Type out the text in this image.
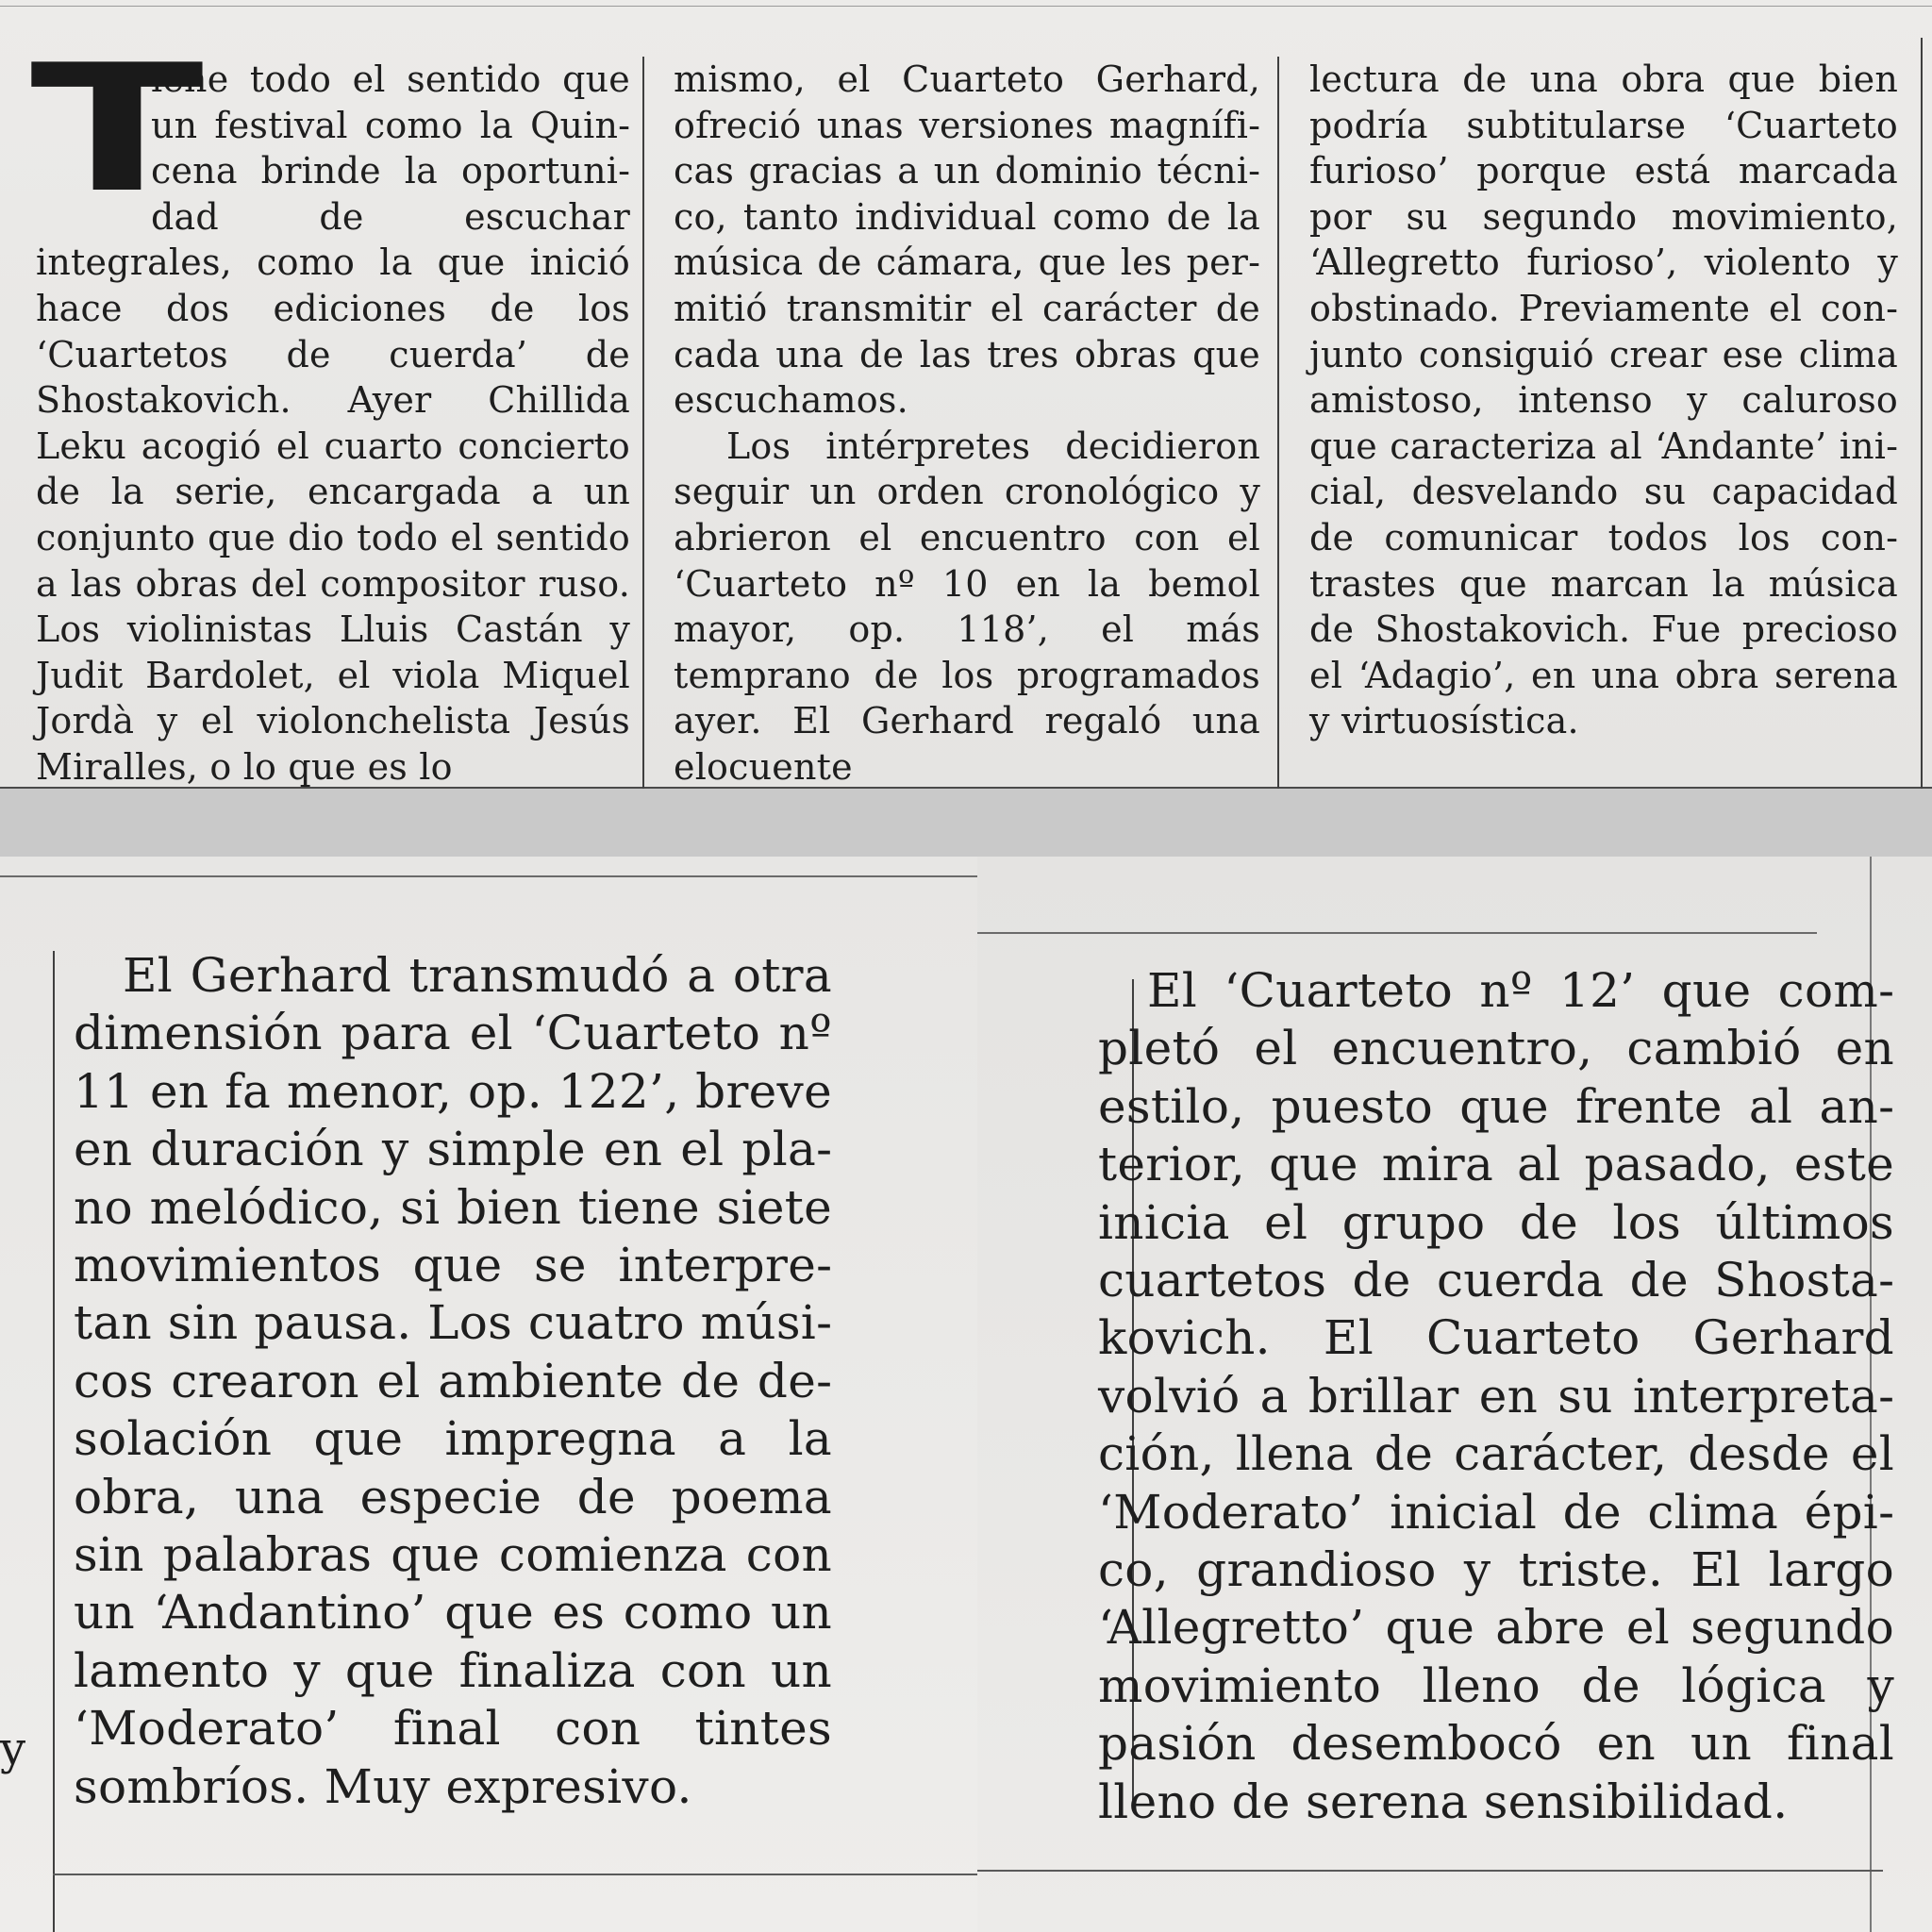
T
iene todo el sentido que un festival como la Quincena brinde la oportunidad de escuchar integrales, como la que inició hace dos ediciones de los ‘Cuartetos de cuerda’ de Shostakovich. Ayer Chillida Leku acogió el cuarto concierto de la serie, encargada a un conjunto que dio todo el sentido a las obras del compositor ruso. Los violinistas Lluis Castán y Judit Bardolet, el viola Miquel Jordà y el violonchelista Jesús Miralles, o lo que es lo

mismo, el Cuarteto Gerhard, ofreció unas versiones magníficas gracias a un dominio técnico, tanto individual como de la música de cámara, que les permitió transmitir el carácter de cada una de las tres obras que escuchamos.

Los intérpretes decidieron seguir un orden cronológico y abrieron el encuentro con el ‘Cuarteto nº 10 en la bemol mayor, op. 118’, el más temprano de los programados ayer. El Gerhard regaló una elocuente

lectura de una obra que bien podría subtitularse ‘Cuarteto furioso’ porque está marcada por su segundo movimiento, ‘Allegretto furioso’, violento y obstinado. Previamente el conjunto consiguió crear ese clima amistoso, intenso y caluroso que caracteriza al ‘Andante’ inicial, desvelando su capacidad de comunicar todos los contrastes que marcan la música de Shostakovich. Fue precioso el ‘Adagio’, en una obra serena y virtuosística.

y

El Gerhard transmudó a otra dimensión para el ‘Cuarteto nº 11 en fa menor, op. 122’, breve en duración y simple en el plano melódico, si bien tiene siete movimientos que se interpretan sin pausa. Los cuatro músicos crearon el ambiente de desolación que impregna a la obra, una especie de poema sin palabras que comienza con un ‘Andantino’ que es como un lamento y que finaliza con un ‘Moderato’ final con tintes sombríos. Muy expresivo.

El ‘Cuarteto nº 12’ que completó el encuentro, cambió en estilo, puesto que frente al anterior, que mira al pasado, este inicia el grupo de los últimos cuartetos de cuerda de Shostakovich. El Cuarteto Gerhard volvió a brillar en su interpretación, llena de carácter, desde el ‘Moderato’ inicial de clima épico, grandioso y triste. El largo ‘Allegretto’ que abre el segundo movimiento lleno de lógica y pasión desembocó en un final lleno de serena sensibilidad.
